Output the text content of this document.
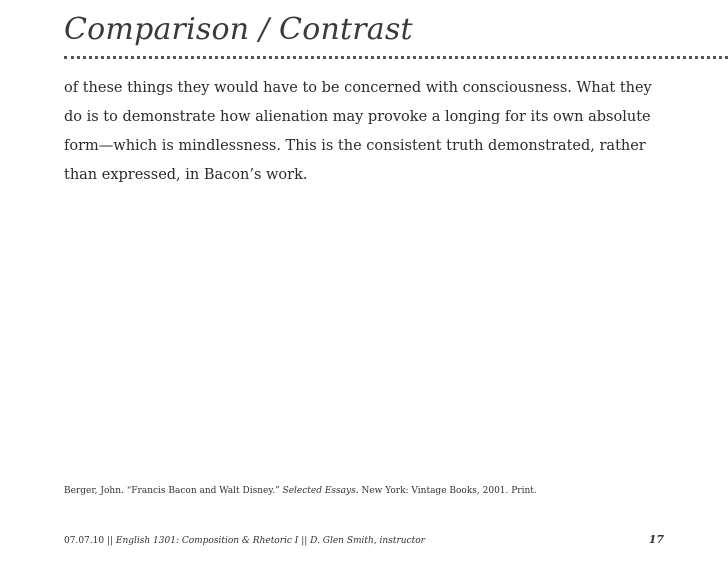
Comparison / Contrast

of these things they would have to be concerned with consciousness. What they
do is to demonstrate how alienation may provoke a longing for its own absolute
form—which is mindlessness. This is the consistent truth demonstrated, rather
than expressed, in Bacon’s work.

Berger, John. “Francis Bacon and Walt Disney.” Selected Essays. New York: Vintage Books, 2001. Print.

07.07.10 || English 1301: Composition & Rhetoric I || D. Glen Smith, instructor	17
